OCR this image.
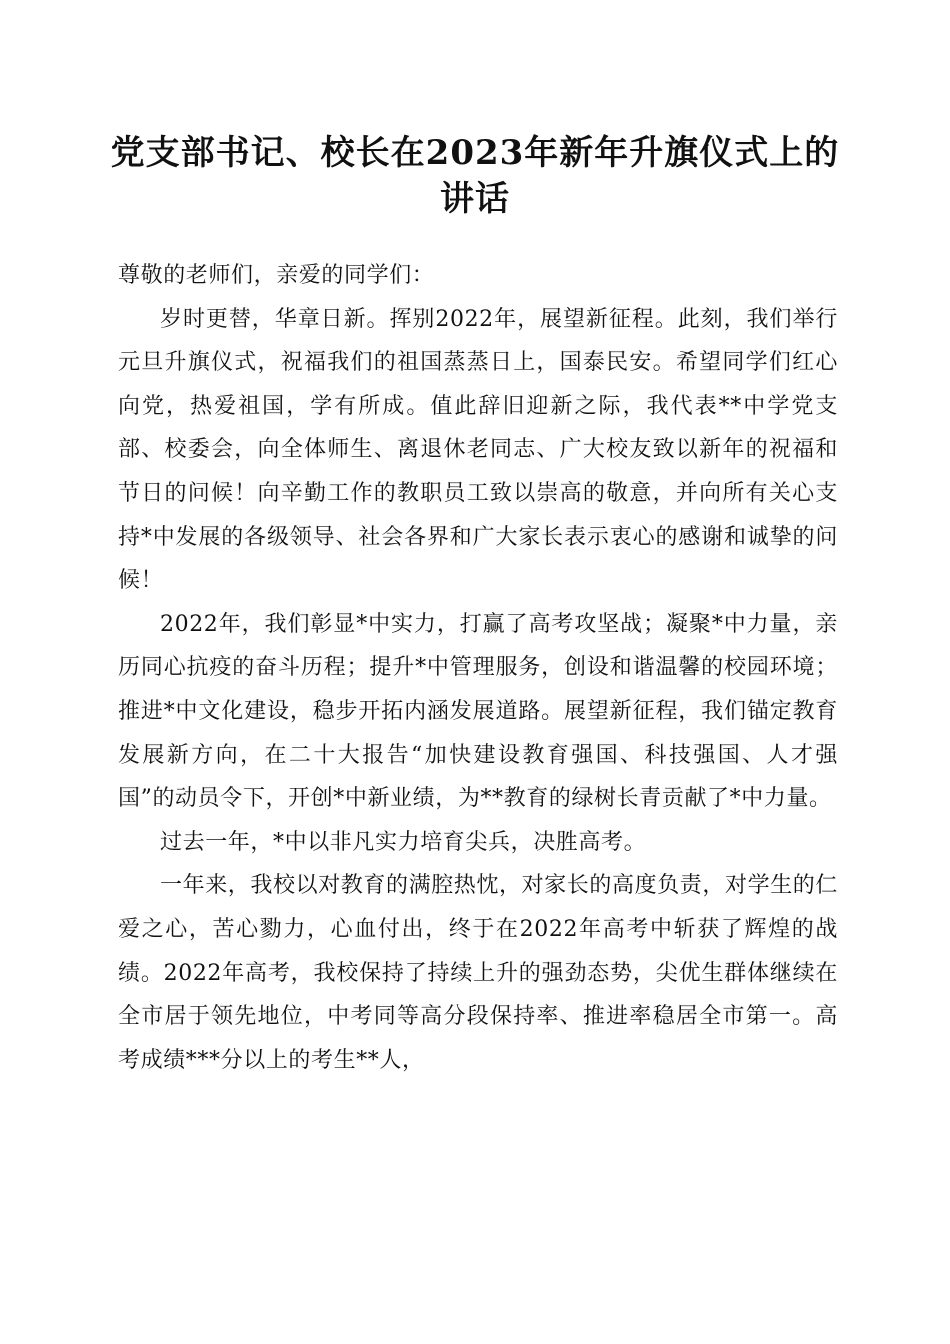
党支部书记、校长在2023年新年升旗仪式上的讲话

尊敬的老师们，亲爱的同学们：

岁时更替，华章日新。挥别2022年，展望新征程。此刻，我们举行元旦升旗仪式，祝福我们的祖国蒸蒸日上，国泰民安。希望同学们红心向党，热爱祖国，学有所成。值此辞旧迎新之际，我代表**中学党支部、校委会，向全体师生、离退休老同志、广大校友致以新年的祝福和节日的问候！向辛勤工作的教职员工致以崇高的敬意，并向所有关心支持*中发展的各级领导、社会各界和广大家长表示衷心的感谢和诚挚的问候！

2022年，我们彰显*中实力，打赢了高考攻坚战；凝聚*中力量，亲历同心抗疫的奋斗历程；提升*中管理服务，创设和谐温馨的校园环境；推进*中文化建设，稳步开拓内涵发展道路。展望新征程，我们锚定教育发展新方向，在二十大报告“加快建设教育强国、科技强国、人才强国”的动员令下，开创*中新业绩，为**教育的绿树长青贡献了*中力量。

过去一年，*中以非凡实力培育尖兵，决胜高考。

一年来，我校以对教育的满腔热忱，对家长的高度负责，对学生的仁爱之心，苦心勠力，心血付出，终于在2022年高考中斩获了辉煌的战绩。2022年高考，我校保持了持续上升的强劲态势，尖优生群体继续在全市居于领先地位，中考同等高分段保持率、推进率稳居全市第一。高考成绩***分以上的考生**人，
